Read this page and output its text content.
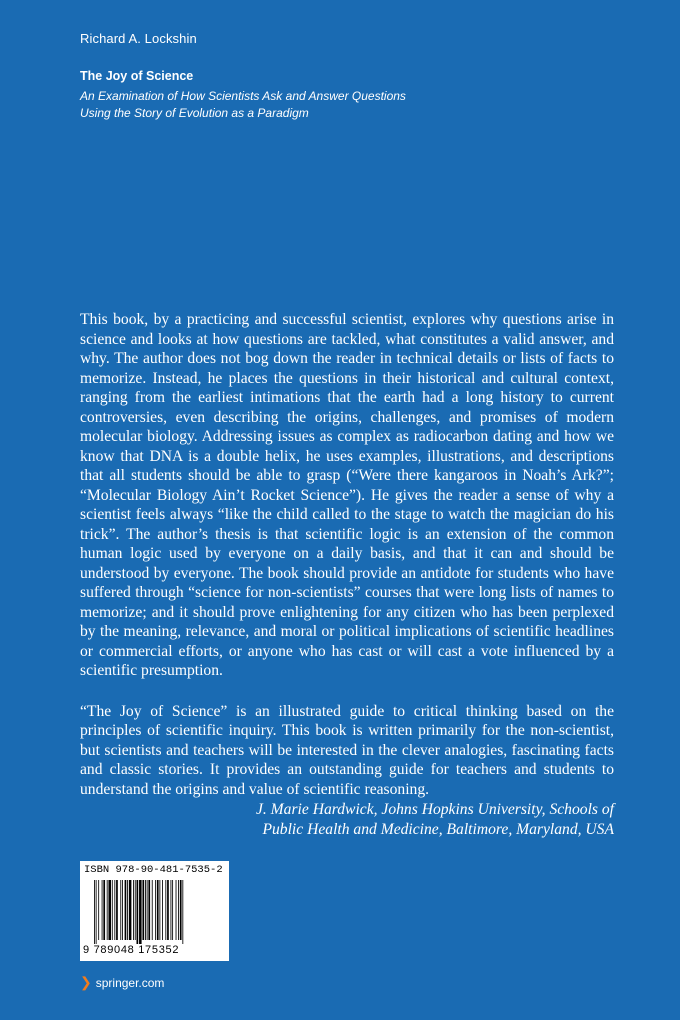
Richard A. Lockshin
The Joy of Science
An Examination of How Scientists Ask and Answer Questions
Using the Story of Evolution as a Paradigm

This book, by a practicing and successful scientist, explores why questions arise in science and looks at how questions are tackled, what constitutes a valid answer, and why. The author does not bog down the reader in technical details or lists of facts to memorize. Instead, he places the questions in their historical and cultural context, ranging from the earliest intimations that the earth had a long history to current controversies, even describing the origins, challenges, and promises of modern molecular biology. Addressing issues as complex as radiocarbon dating and how we know that DNA is a double helix, he uses examples, illustrations, and descriptions that all students should be able to grasp (“Were there kangaroos in Noah’s Ark?”; “Molecular Biology Ain’t Rocket Science”). He gives the reader a sense of why a scientist feels always “like the child called to the stage to watch the magician do his trick”. The author’s thesis is that scientific logic is an extension of the common human logic used by everyone on a daily basis, and that it can and should be understood by everyone. The book should provide an antidote for students who have suffered through “science for non-scientists” courses that were long lists of names to memorize; and it should prove enlightening for any citizen who has been perplexed by the meaning, relevance, and moral or political implications of scientific headlines or commercial efforts, or anyone who has cast or will cast a vote influenced by a scientific presumption.

“The Joy of Science” is an illustrated guide to critical thinking based on the principles of scientific inquiry. This book is written primarily for the non-scientist, but scientists and teachers will be interested in the clever analogies, fascinating facts and classic stories. It provides an outstanding guide for teachers and students to understand the origins and value of scientific reasoning.

J. Marie Hardwick, Johns Hopkins University, Schools of
Public Health and Medicine, Baltimore, Maryland, USA
ISBN 978-90-481-7535-2
9 789048 175352
❯ springer.com
